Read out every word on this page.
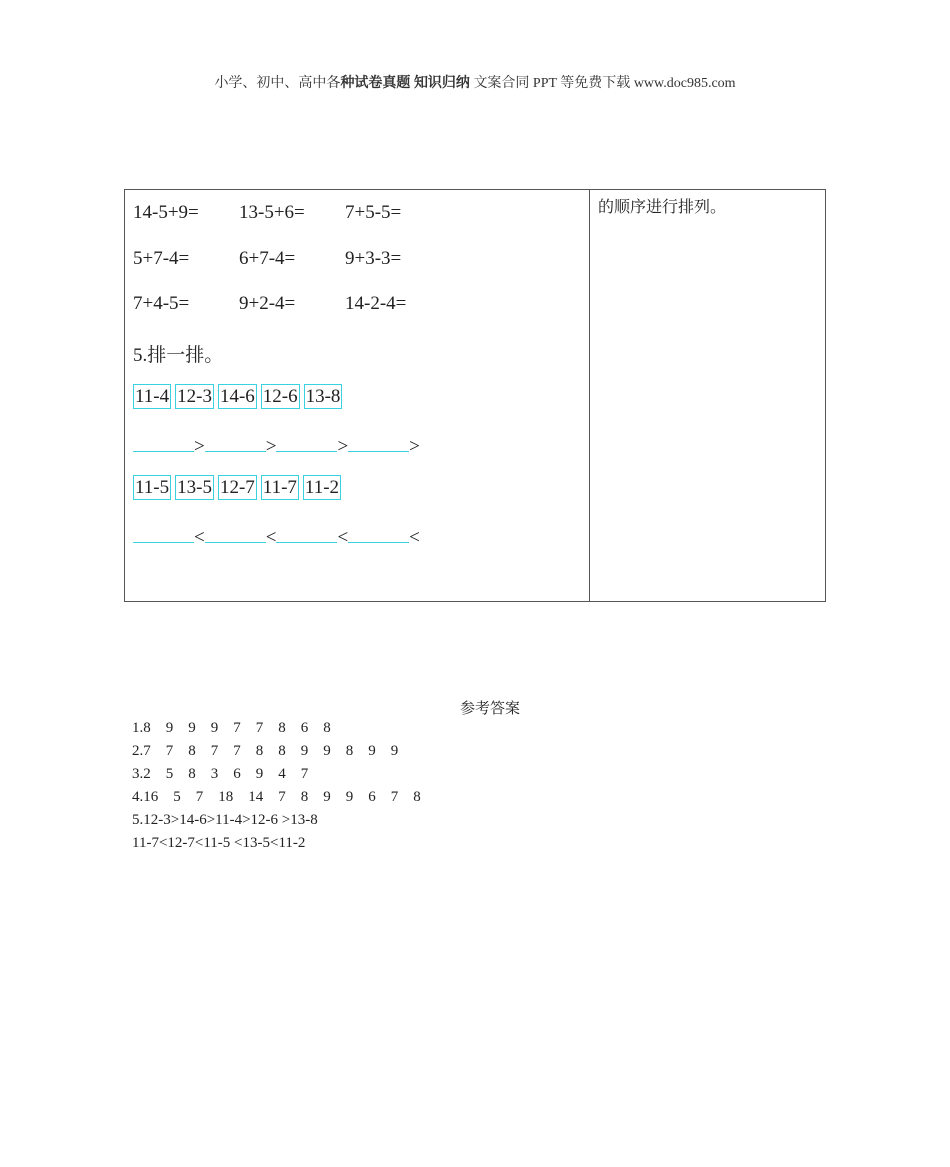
小学、初中、高中各种试卷真题 知识归纳 文案合同 PPT 等免费下载 www.doc985.com
14-5+9= 13-5+6= 7+5-5=
5+7-4=	6+7-4=	9+3-3=
7+4-5=	9+2-4=	14-2-4=
5.排一排。
11-4 12-3 14-6 12-6 13-8
>	>	>	>
11-5 13-5 12-7 11-7 11-2
<	<	<	<
的顺序进行排列。
参考答案
1.8    9    9    9    7    7    8    6    8
2.7    7    8    7    7    8    8    9    9    8    9    9
3.2    5    8    3    6    9    4    7
4.16    5    7    18    14    7    8    9    9    6    7    8
5.12-3>14-6>11-4>12-6 >13-8
11-7<12-7<11-5 <13-5<11-2
